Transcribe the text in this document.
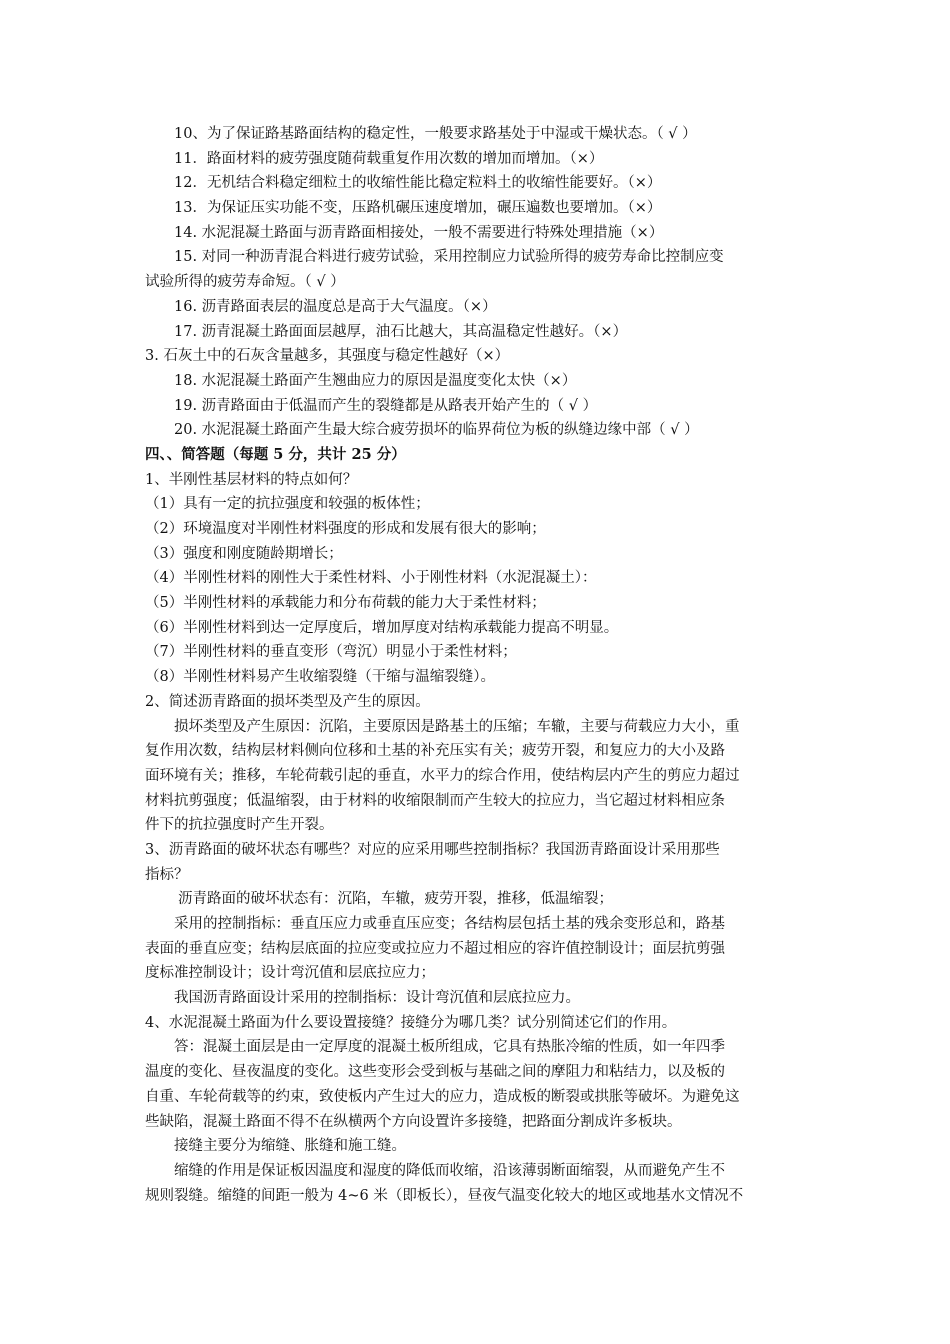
10、为了保证路基路面结构的稳定性，一般要求路基处于中湿或干燥状态。（ √ ）
11．路面材料的疲劳强度随荷载重复作用次数的增加而增加。（×）
12．无机结合料稳定细粒土的收缩性能比稳定粒料土的收缩性能要好。（×）
13．为保证压实功能不变，压路机碾压速度增加，碾压遍数也要增加。（×）
14. 水泥混凝土路面与沥青路面相接处，一般不需要进行特殊处理措施（×）
15. 对同一种沥青混合料进行疲劳试验，采用控制应力试验所得的疲劳寿命比控制应变
试验所得的疲劳寿命短。（ √ ）
16. 沥青路面表层的温度总是高于大气温度。（×）
17. 沥青混凝土路面面层越厚，油石比越大，其高温稳定性越好。（×）
3. 石灰土中的石灰含量越多，其强度与稳定性越好（×）
18. 水泥混凝土路面产生翘曲应力的原因是温度变化太快（×）
19. 沥青路面由于低温而产生的裂缝都是从路表开始产生的（ √ ）
20. 水泥混凝土路面产生最大综合疲劳损坏的临界荷位为板的纵缝边缘中部（ √ ）
四、、简答题（每题 5 分，共计 25 分）
1、半刚性基层材料的特点如何？
（1）具有一定的抗拉强度和较强的板体性；
（2）环境温度对半刚性材料强度的形成和发展有很大的影响；
（3）强度和刚度随龄期增长；
（4）半刚性材料的刚性大于柔性材料、小于刚性材料（水泥混凝土）：
（5）半刚性材料的承载能力和分布荷载的能力大于柔性材料；
（6）半刚性材料到达一定厚度后，增加厚度对结构承载能力提高不明显。
（7）半刚性材料的垂直变形（弯沉）明显小于柔性材料；
（8）半刚性材料易产生收缩裂缝（干缩与温缩裂缝）。
2、简述沥青路面的损坏类型及产生的原因。
损坏类型及产生原因：沉陷，主要原因是路基土的压缩；车辙，主要与荷载应力大小，重
复作用次数，结构层材料侧向位移和土基的补充压实有关；疲劳开裂，和复应力的大小及路
面环境有关；推移，车轮荷载引起的垂直，水平力的综合作用，使结构层内产生的剪应力超过
材料抗剪强度；低温缩裂，由于材料的收缩限制而产生较大的拉应力，当它超过材料相应条
件下的抗拉强度时产生开裂。
3、沥青路面的破坏状态有哪些？对应的应采用哪些控制指标？我国沥青路面设计采用那些
指标？
沥青路面的破坏状态有：沉陷，车辙，疲劳开裂，推移，低温缩裂；
采用的控制指标：垂直压应力或垂直压应变；各结构层包括土基的残余变形总和，路基
表面的垂直应变；结构层底面的拉应变或拉应力不超过相应的容许值控制设计；面层抗剪强
度标准控制设计；设计弯沉值和层底拉应力；
我国沥青路面设计采用的控制指标：设计弯沉值和层底拉应力。
4、水泥混凝土路面为什么要设置接缝？接缝分为哪几类？试分别简述它们的作用。
答：混凝土面层是由一定厚度的混凝土板所组成，它具有热胀冷缩的性质，如一年四季
温度的变化、昼夜温度的变化。这些变形会受到板与基础之间的摩阻力和粘结力，以及板的
自重、车轮荷载等的约束，致使板内产生过大的应力，造成板的断裂或拱胀等破坏。为避免这
些缺陷，混凝土路面不得不在纵横两个方向设置许多接缝，把路面分割成许多板块。
接缝主要分为缩缝、胀缝和施工缝。
缩缝的作用是保证板因温度和湿度的降低而收缩，沿该薄弱断面缩裂，从而避免产生不
规则裂缝。缩缝的间距一般为 4~6 米（即板长），昼夜气温变化较大的地区或地基水文情况不
